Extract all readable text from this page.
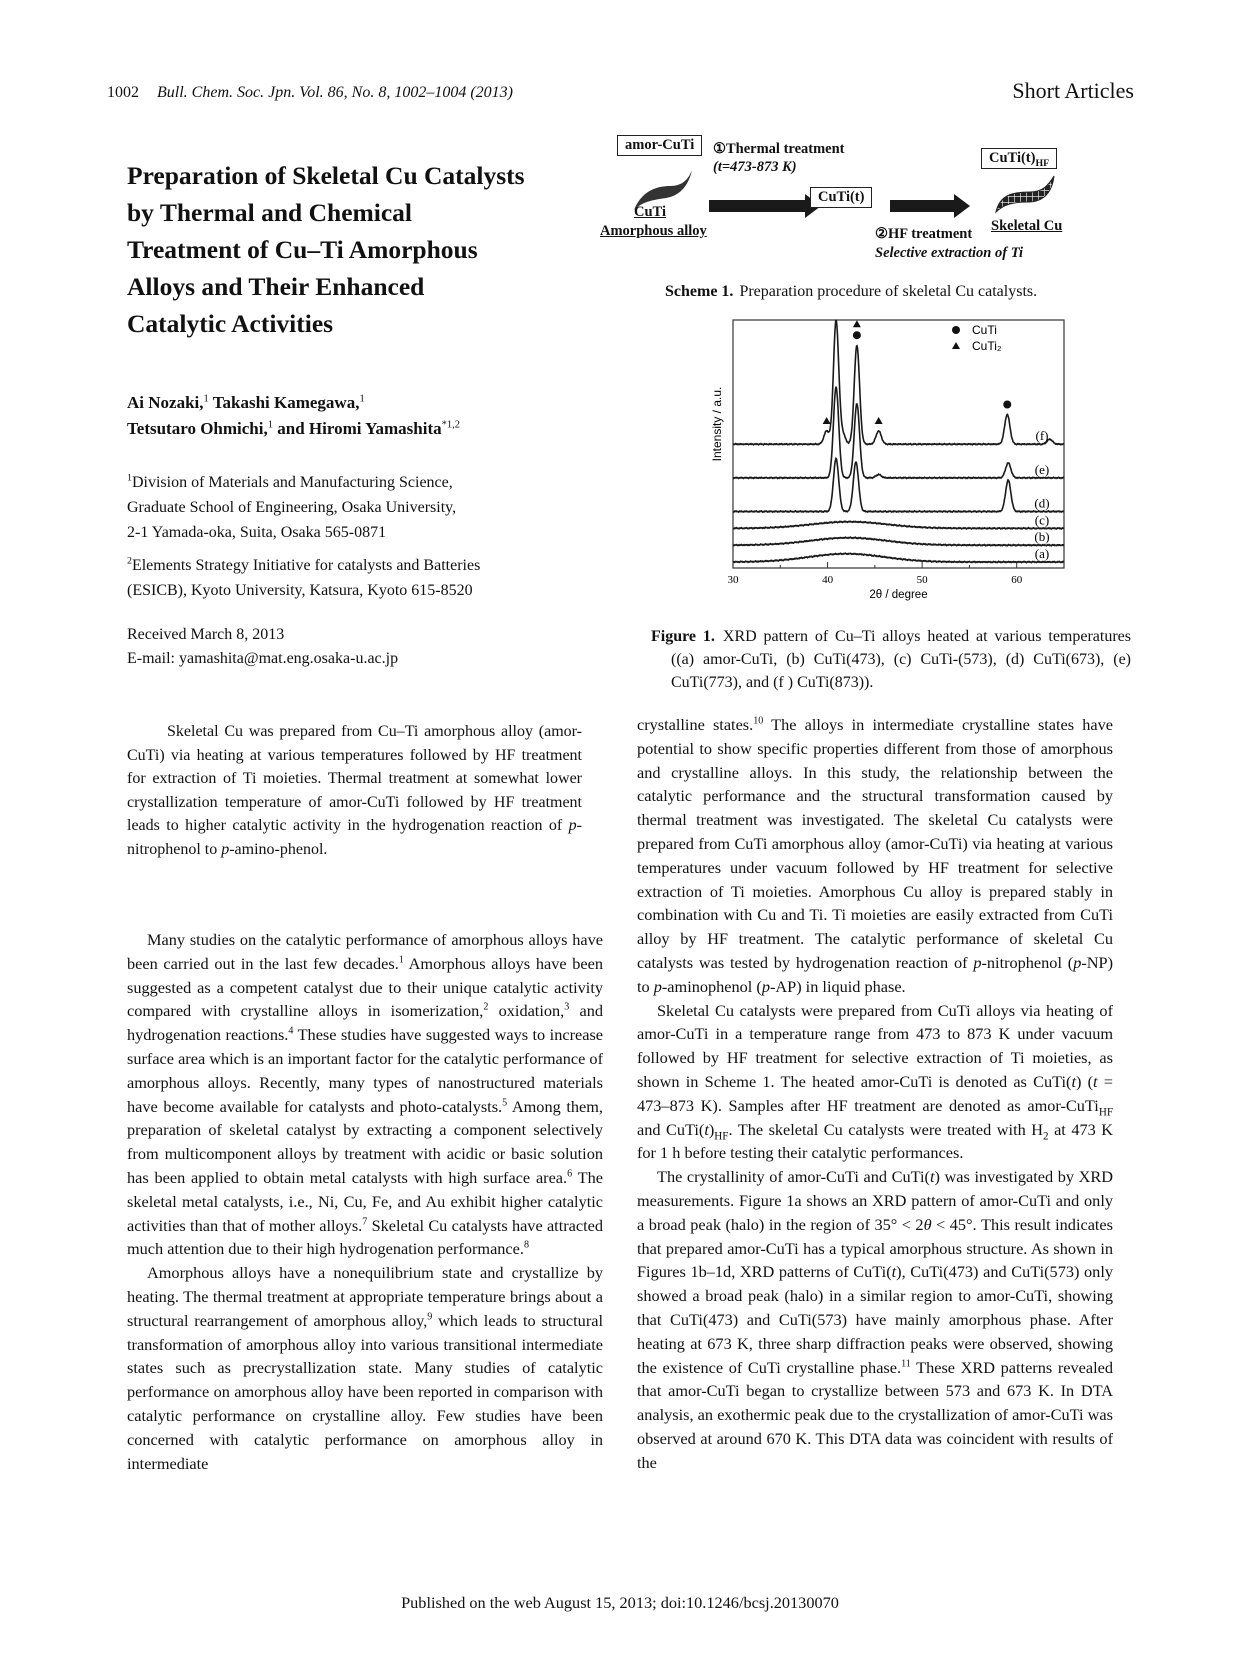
1002 Bull. Chem. Soc. Jpn. Vol. 86, No. 8, 1002–1004 (2013)	Short Articles
Preparation of Skeletal Cu Catalysts
by Thermal and Chemical
Treatment of Cu–Ti Amorphous
Alloys and Their Enhanced
Catalytic Activities
Ai Nozaki,$^1$ Takashi Kamegawa,$^1$
Tetsutaro Ohmichi,$^1$ and Hiromi Yamashita$^{*1,2}$
$^1$Division of Materials and Manufacturing Science,
Graduate School of Engineering, Osaka University,
2-1 Yamada-oka, Suita, Osaka 565-0871
$^2$Elements Strategy Initiative for catalysts and Batteries
(ESICB), Kyoto University, Katsura, Kyoto 615-8520
Received March 8, 2013
E-mail: yamashita@mat.eng.osaka-u.ac.jp
Skeletal Cu was prepared from Cu–Ti amorphous alloy (amor-CuTi) via heating at various temperatures followed by HF treatment for extraction of Ti moieties. Thermal treatment at somewhat lower crystallization temperature of amor-CuTi followed by HF treatment leads to higher catalytic activity in the hydrogenation reaction of p-nitrophenol to p-amino-phenol.

Many studies on the catalytic performance of amorphous alloys have been carried out in the last few decades.$^1$ Amorphous alloys have been suggested as a competent catalyst due to their unique catalytic activity compared with crystalline alloys in isomerization,$^2$ oxidation,$^3$ and hydrogenation reactions.$^4$ These studies have suggested ways to increase surface area which is an important factor for the catalytic performance of amorphous alloys. Recently, many types of nanostructured materials have become available for catalysts and photo-catalysts.$^5$ Among them, preparation of skeletal catalyst by extracting a component selectively from multicomponent alloys by treatment with acidic or basic solution has been applied to obtain metal catalysts with high surface area.$^6$ The skeletal metal catalysts, i.e., Ni, Cu, Fe, and Au exhibit higher catalytic activities than that of mother alloys.$^7$ Skeletal Cu catalysts have attracted much attention due to their high hydrogenation performance.$^8$

Amorphous alloys have a nonequilibrium state and crystallize by heating. The thermal treatment at appropriate temperature brings about a structural rearrangement of amorphous alloy,$^9$ which leads to structural transformation of amorphous alloy into various transitional intermediate states such as precrystallization state. Many studies of catalytic performance on amorphous alloy have been reported in comparison with catalytic performance on crystalline alloy. Few studies have been concerned with catalytic performance on amorphous alloy in intermediate

crystalline states.$^{10}$ The alloys in intermediate crystalline states have potential to show specific properties different from those of amorphous and crystalline alloys. In this study, the relationship between the catalytic performance and the structural transformation caused by thermal treatment was investigated. The skeletal Cu catalysts were prepared from CuTi amorphous alloy (amor-CuTi) via heating at various temperatures under vacuum followed by HF treatment for selective extraction of Ti moieties. Amorphous Cu alloy is prepared stably in combination with Cu and Ti. Ti moieties are easily extracted from CuTi alloy by HF treatment. The catalytic performance of skeletal Cu catalysts was tested by hydrogenation reaction of p-nitrophenol (p-NP) to p-aminophenol (p-AP) in liquid phase.

Skeletal Cu catalysts were prepared from CuTi alloys via heating of amor-CuTi in a temperature range from 473 to 873 K under vacuum followed by HF treatment for selective extraction of Ti moieties, as shown in Scheme 1. The heated amor-CuTi is denoted as CuTi(t) (t = 473–873 K). Samples after HF treatment are denoted as amor-CuTi$_{HF}$ and $CuTi(t)_{HF}$. The skeletal Cu catalysts were treated with $H_2$ at 473 K for 1 h before testing their catalytic performances.

The crystallinity of amor-CuTi and CuTi(t) was investigated by XRD measurements. Figure 1a shows an XRD pattern of amor-CuTi and only a broad peak (halo) in the region of 35° < 2θ < 45°. This result indicates that prepared amor-CuTi has a typical amorphous structure. As shown in Figures 1b–1d, XRD patterns of CuTi(t), CuTi(473) and CuTi(573) only showed a broad peak (halo) in a similar region to amor-CuTi, showing that CuTi(473) and CuTi(573) have mainly amorphous phase. After heating at 673 K, three sharp diffraction peaks were observed, showing the existence of CuTi crystalline phase.$^{11}$ These XRD patterns revealed that amor-CuTi began to crystallize between 573 and 673 K. In DTA analysis, an exothermic peak due to the crystallization of amor-CuTi was observed at around 670 K. This DTA data was coincident with results of the

amor-CuTi
CuTi
Amorphous alloy
①Thermal treatment
(t=473-873 K)
CuTi(t)
②HF treatment
Selective extraction of Ti
$CuTi(t)_{HF}$
Skeletal Cu
Scheme 1. Preparation procedure of skeletal Cu catalysts.
30	40	50	60
2θ / degree
Intensity / a.u.
(a)
(b)
(c)
(d)
(e)
(f)
CuTi
CuTi₂
Figure 1. XRD pattern of Cu–Ti alloys heated at various temperatures ((a) amor-CuTi, (b) CuTi(473), (c) CuTi-(573), (d) CuTi(673), (e) CuTi(773), and (f ) CuTi(873)).
Published on the web August 15, 2013; doi:10.1246/bcsj.20130070
